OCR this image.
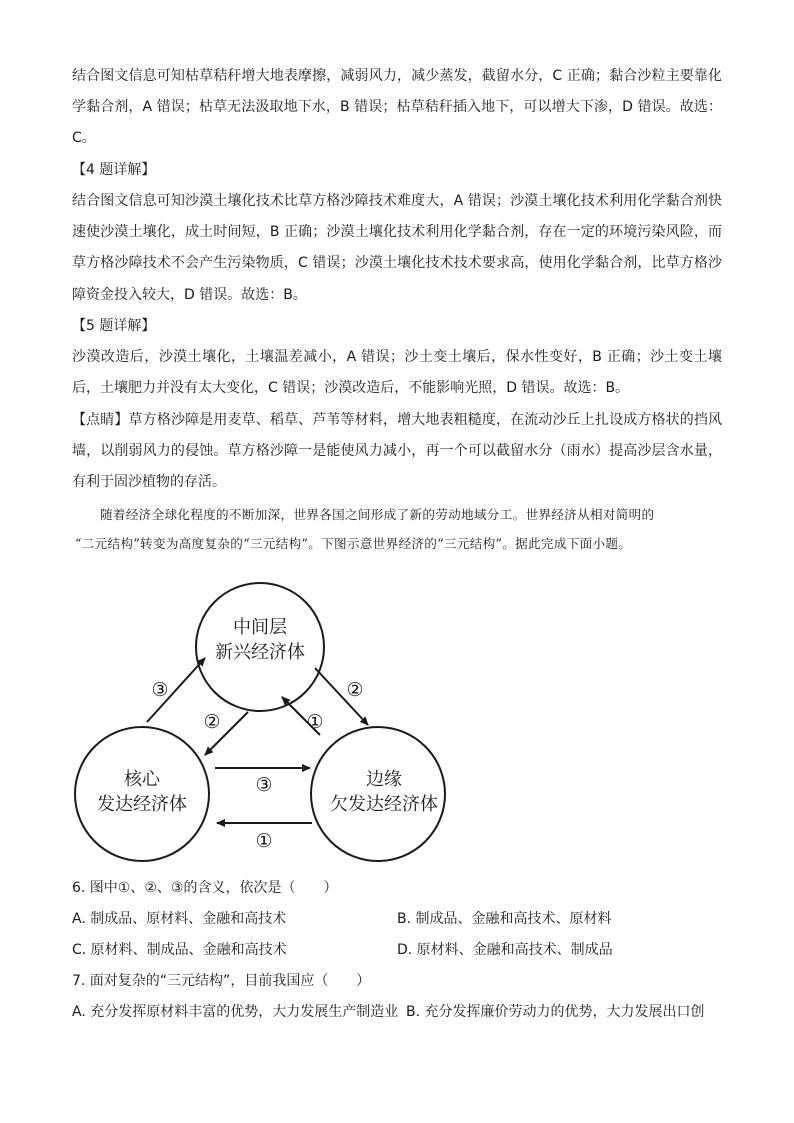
结合图文信息可知枯草秸秆增大地表摩擦，减弱风力，减少蒸发，截留水分，C 正确；黏合沙粒主要靠化
学黏合剂，A 错误；枯草无法汲取地下水，B 错误；枯草秸秆插入地下，可以增大下渗，D 错误。故选：
C。
【4 题详解】
结合图文信息可知沙漠土壤化技术比草方格沙障技术难度大，A 错误；沙漠土壤化技术利用化学黏合剂快
速使沙漠土壤化，成土时间短，B 正确；沙漠土壤化技术利用化学黏合剂，存在一定的环境污染风险，而
草方格沙障技术不会产生污染物质，C 错误；沙漠土壤化技术技术要求高，使用化学黏合剂，比草方格沙
障资金投入较大，D 错误。故选：B。
【5 题详解】
沙漠改造后，沙漠土壤化，土壤温差减小，A 错误；沙土变土壤后，保水性变好，B 正确；沙土变土壤
后，土壤肥力并没有太大变化，C 错误；沙漠改造后，不能影响光照，D 错误。故选：B。
【点睛】草方格沙障是用麦草、稻草、芦苇等材料，增大地表粗糙度，在流动沙丘上扎设成方格状的挡风
墙，以削弱风力的侵蚀。草方格沙障一是能使风力减小，再一个可以截留水分（雨水）提高沙层含水量，
有利于固沙植物的存活。
随着经济全球化程度的不断加深，世界各国之间形成了新的劳动地域分工。世界经济从相对简明的
“二元结构”转变为高度复杂的“三元结构”。下图示意世界经济的“三元结构”。据此完成下面小题。
中间层
新兴经济体
核心
发达经济体
边缘
欠发达经济体
③	②
②	①
③
①
6. 图中①、②、③的含义，依次是（　　）
A. 制成品、原材料、金融和高技术	B. 制成品、金融和高技术、原材料
C. 原材料、制成品、金融和高技术	D. 原材料、金融和高技术、制成品
7. 面对复杂的“三元结构”，目前我国应（　　）
A. 充分发挥原材料丰富的优势，大力发展生产制造业 B. 充分发挥廉价劳动力的优势，大力发展出口创
